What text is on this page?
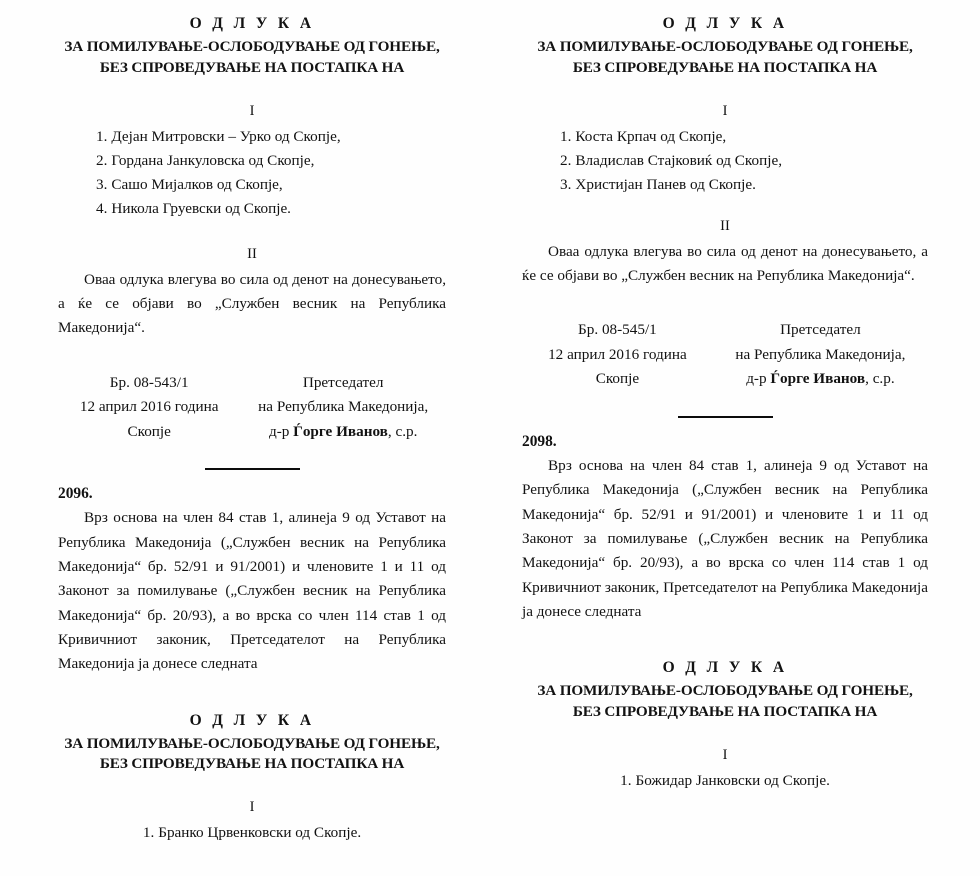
О Д Л У К А
ЗА ПОМИЛУВАЊЕ-ОСЛОБОДУВАЊЕ ОД ГОНЕЊЕ,
БЕЗ СПРОВЕДУВАЊЕ НА ПОСТАПКА НА
I
1. Дејан Митровски – Урко од Скопје,
2. Гордана Јанкуловска од Скопје,
3. Сашо Мијалков од Скопје,
4. Никола Груевски од Скопје.
II

Оваа одлука влегува во сила од денот на донесувањето, а ќе се објави во „Службен весник на Република Македонија“.

Бр. 08-543/1
12 април 2016 година
Скопје
Претседател
на Република Македонија,
д-р Ѓорге Иванов, с.р.
2096.

Врз основа на член 84 став 1, алинеја 9 од Уставот на Република Македонија („Службен весник на Република Македонија“ бр. 52/91 и 91/2001) и членовите 1 и 11 од Законот за помилување („Службен весник на Република Македонија“ бр. 20/93), а во врска со член 114 став 1 од Кривичниот законик, Претседателот на Република Македонија ја донесе следната

О Д Л У К А
ЗА ПОМИЛУВАЊЕ-ОСЛОБОДУВАЊЕ ОД ГОНЕЊЕ,
БЕЗ СПРОВЕДУВАЊЕ НА ПОСТАПКА НА
I
1. Бранко Црвенковски од Скопје.
О Д Л У К А
ЗА ПОМИЛУВАЊЕ-ОСЛОБОДУВАЊЕ ОД ГОНЕЊЕ,
БЕЗ СПРОВЕДУВАЊЕ НА ПОСТАПКА НА
I
1. Коста Крпач од Скопје,
2. Владислав Стајковиќ од Скопје,
3. Христијан Панев од Скопје.
II

Оваа одлука влегува во сила од денот на донесувањето, а ќе се објави во „Службен весник на Република Македонија“.

Бр. 08-545/1
12 април 2016 година
Скопје
Претседател
на Република Македонија,
д-р Ѓорге Иванов, с.р.
2098.

Врз основа на член 84 став 1, алинеја 9 од Уставот на Република Македонија („Службен весник на Република Македонија“ бр. 52/91 и 91/2001) и членовите 1 и 11 од Законот за помилување („Службен весник на Република Македонија“ бр. 20/93), а во врска со член 114 став 1 од Кривичниот законик, Претседателот на Република Македонија ја донесе следната

О Д Л У К А
ЗА ПОМИЛУВАЊЕ-ОСЛОБОДУВАЊЕ ОД ГОНЕЊЕ,
БЕЗ СПРОВЕДУВАЊЕ НА ПОСТАПКА НА
I
1. Божидар Јанковски од Скопје.
